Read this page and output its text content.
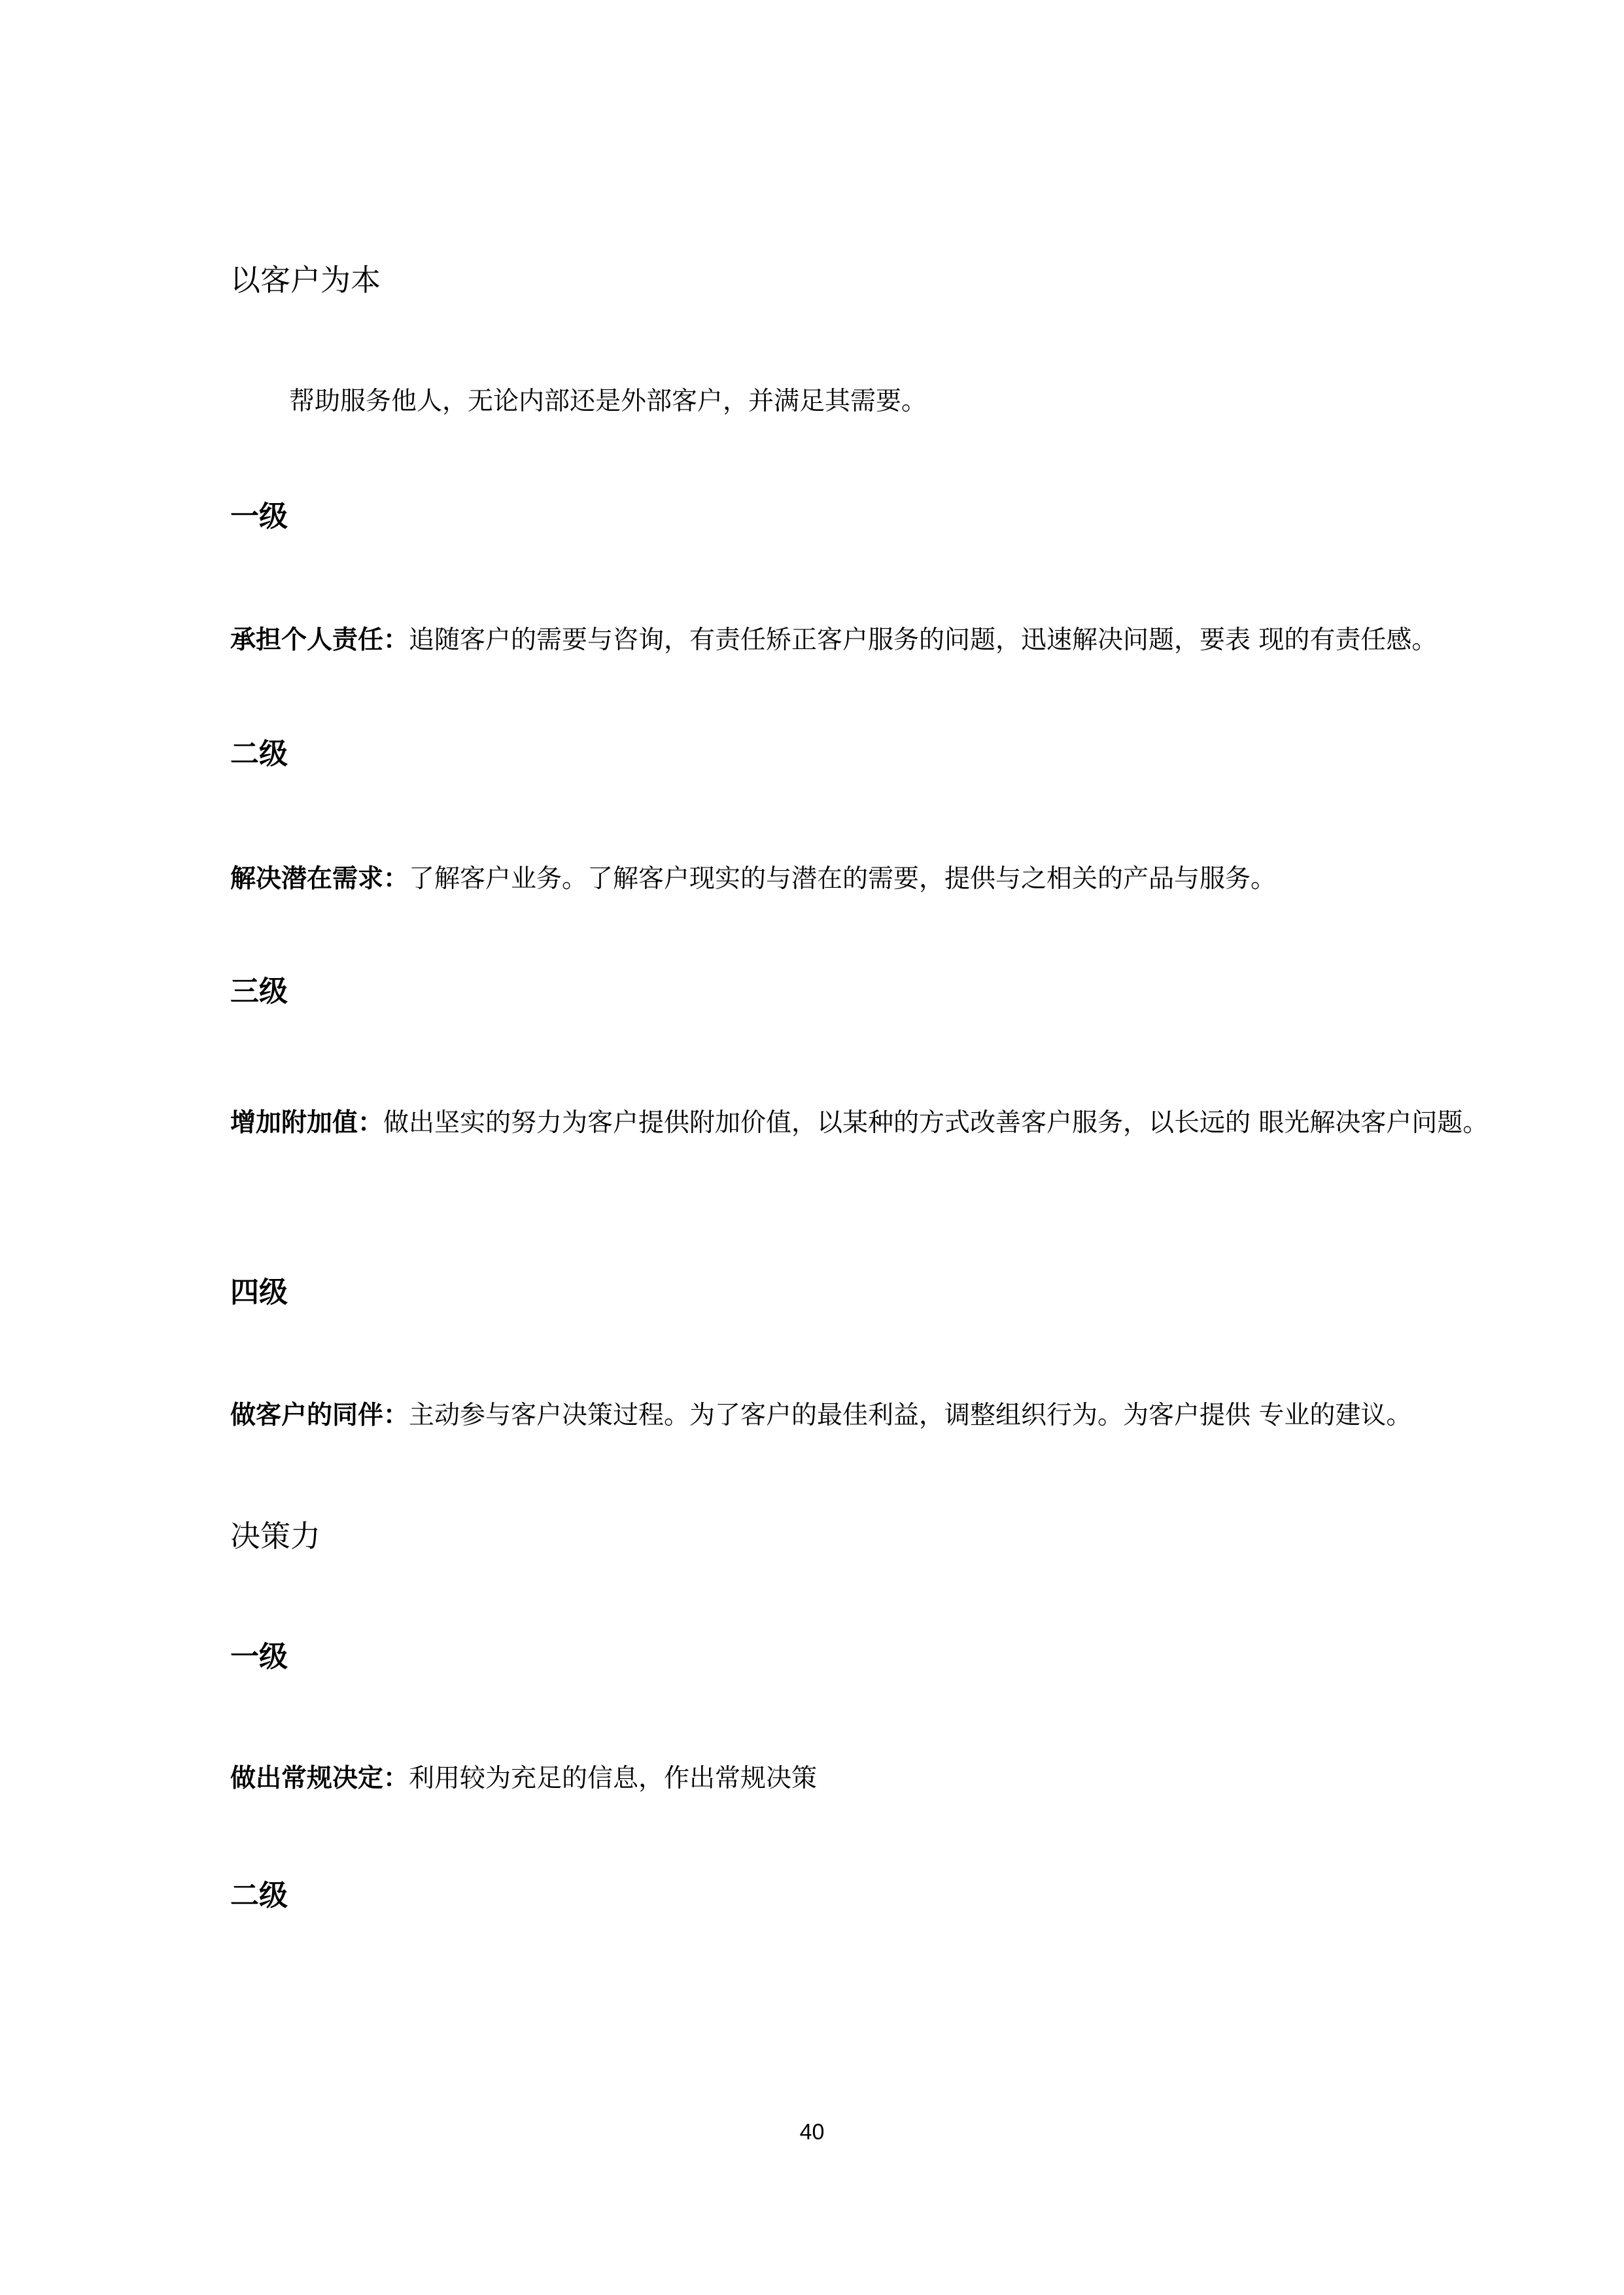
以客户为本
帮助服务他人，无论内部还是外部客户，并满足其需要。
一级
承担个人责任：追随客户的需要与咨询，有责任矫正客户服务的问题，迅速解决问题，要表 现的有责任感。
二级
解决潜在需求：了解客户业务。了解客户现实的与潜在的需要，提供与之相关的产品与服务。
三级
增加附加值：做出坚实的努力为客户提供附加价值，以某种的方式改善客户服务，以长远的 眼光解决客户问题。
四级
做客户的同伴：主动参与客户决策过程。为了客户的最佳利益，调整组织行为。为客户提供 专业的建议。
决策力
一级
做出常规决定：利用较为充足的信息，作出常规决策
二级
40
